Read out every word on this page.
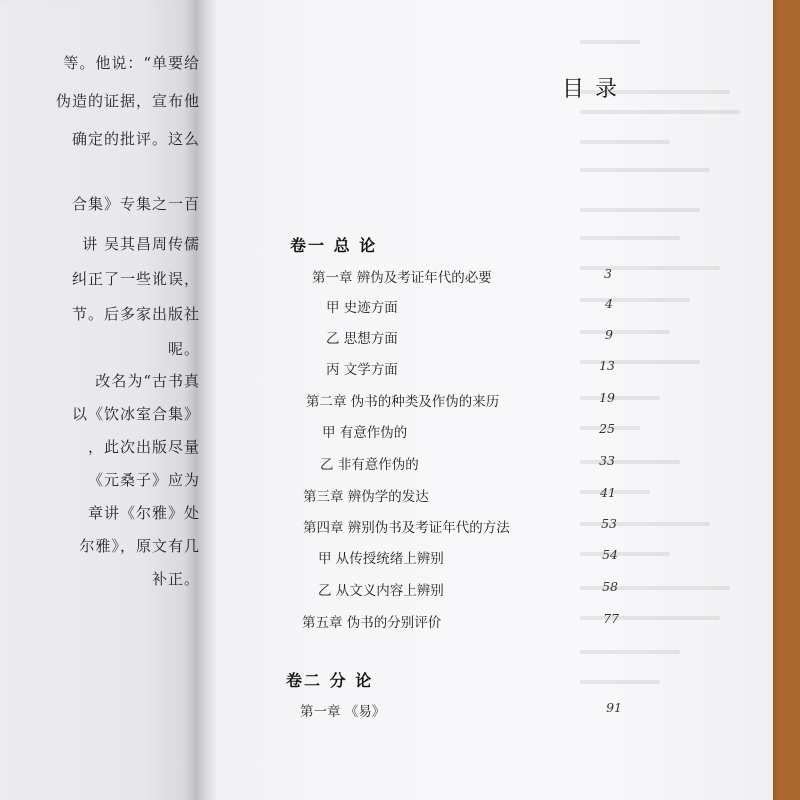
等。他说：“单要给
伪造的证据，宣布他
确定的批评。这么
合集》专集之一百
讲 吴其昌周传儒
纠正了一些讹误，
节。后多家出版社
呢。
改名为“古书真
以《饮冰室合集》
，此次出版尽量
《元桑子》应为
章讲《尔雅》处
尔雅》，原文有几
补正。
目录
卷一 总 论
第一章 辨伪及考证年代的必要	3
甲 史迹方面	4
乙 思想方面	9
丙 文学方面	13
第二章 伪书的种类及作伪的来历	19
甲 有意作伪的	25
乙 非有意作伪的	33
第三章 辨伪学的发达	41
第四章 辨别伪书及考证年代的方法	53
甲 从传授统绪上辨别	54
乙 从文义内容上辨别	58
第五章 伪书的分别评价	77
卷二 分 论
第一章 《易》	91
